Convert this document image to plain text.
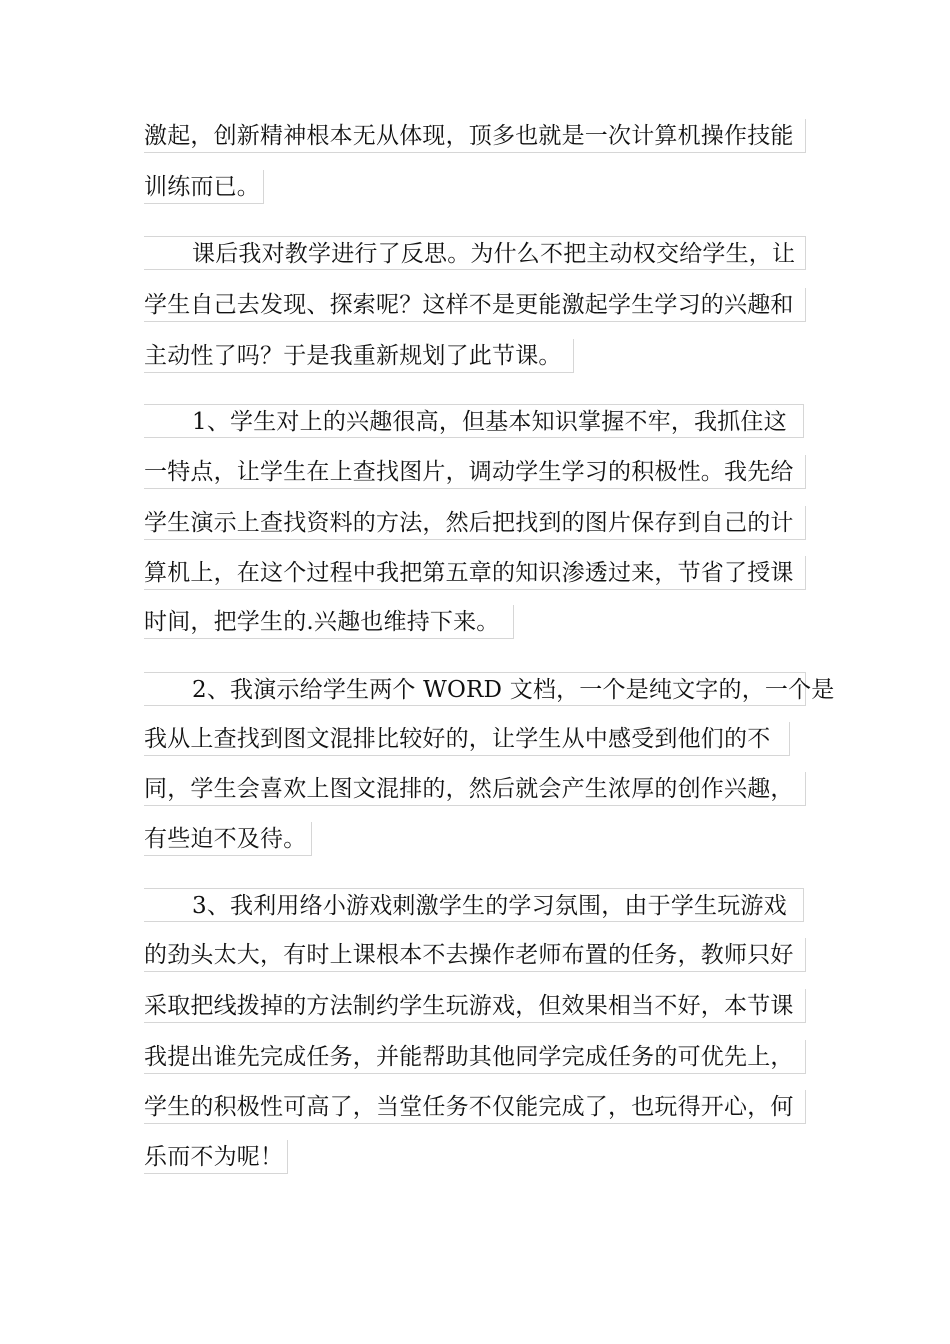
激起，创新精神根本无从体现，顶多也就是一次计算机操作技能
训练而已。
课后我对教学进行了反思。为什么不把主动权交给学生，让
学生自己去发现、探索呢？这样不是更能激起学生学习的兴趣和
主动性了吗？于是我重新规划了此节课。
1、学生对上的兴趣很高，但基本知识掌握不牢，我抓住这
一特点，让学生在上查找图片，调动学生学习的积极性。我先给
学生演示上查找资料的方法，然后把找到的图片保存到自己的计
算机上，在这个过程中我把第五章的知识渗透过来，节省了授课
时间，把学生的.兴趣也维持下来。
2、我演示给学生两个 WORD 文档，一个是纯文字的，一个是
我从上查找到图文混排比较好的，让学生从中感受到他们的不
同，学生会喜欢上图文混排的，然后就会产生浓厚的创作兴趣，
有些迫不及待。
3、我利用络小游戏刺激学生的学习氛围，由于学生玩游戏
的劲头太大，有时上课根本不去操作老师布置的任务，教师只好
采取把线拨掉的方法制约学生玩游戏，但效果相当不好，本节课
我提出谁先完成任务，并能帮助其他同学完成任务的可优先上，
学生的积极性可高了，当堂任务不仅能完成了，也玩得开心，何
乐而不为呢！
